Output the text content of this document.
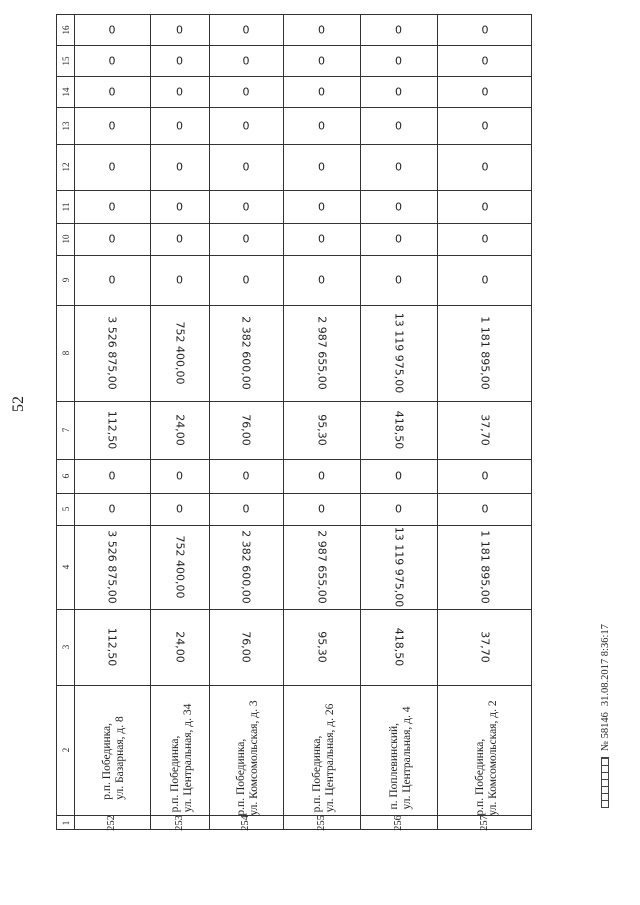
52
16
15
14
13
12
11
10
9
8
7
6
5
4
3
2
1
0
0
0
0
0
0
0
0
3 526 875,00
112,50
0
0
3 526 875,00
112,50
р.п. Побединка, ул. Базарная, д. 8
252
0
0
0
0
0
0
0
0
752 400,00
24,00
0
0
752 400,00
24,00
р.п. Побединка, ул. Центральная, д. 34
253
0
0
0
0
0
0
0
0
2 382 600,00
76,00
0
0
2 382 600,00
76,00
р.п. Побединка, ул. Комсомольская, д. 3
254
0
0
0
0
0
0
0
0
2 987 655,00
95,30
0
0
2 987 655,00
95,30
р.п. Побединка, ул. Центральная, д. 26
255
0
0
0
0
0
0
0
0
13 119 975,00
418,50
0
0
13 119 975,00
418,50
п. Поплевинский, ул. Центральная, д. 4
256
0
0
0
0
0
0
0
0
1 181 895,00
37,70
0
0
1 181 895,00
37,70
р.п. Побединка, ул. Комсомольская, д. 2
257
№ 58146
31.08.2017 8:36:17
